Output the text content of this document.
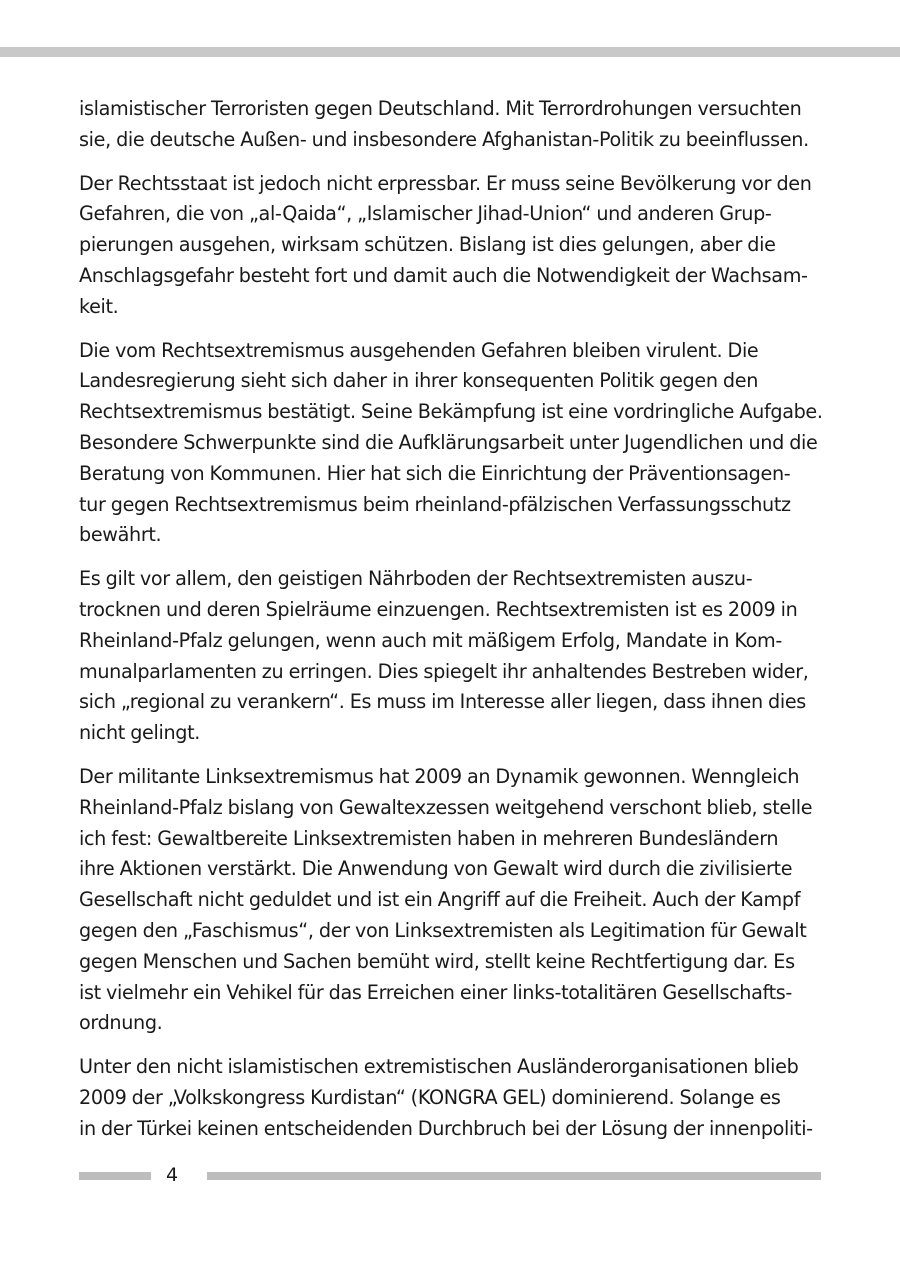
islamistischer Terroristen gegen Deutschland. Mit Terrordrohungen versuchten
sie, die deutsche Außen- und insbesondere Afghanistan-Politik zu beeinflussen.

Der Rechtsstaat ist jedoch nicht erpressbar. Er muss seine Bevölkerung vor den
Gefahren, die von „al-Qaida“, „Islamischer Jihad-Union“ und anderen Grup-
pierungen ausgehen, wirksam schützen. Bislang ist dies gelungen, aber die
Anschlagsgefahr besteht fort und damit auch die Notwendigkeit der Wachsam-
keit.

Die vom Rechtsextremismus ausgehenden Gefahren bleiben virulent. Die
Landesregierung sieht sich daher in ihrer konsequenten Politik gegen den
Rechtsextremismus bestätigt. Seine Bekämpfung ist eine vordringliche Aufgabe.
Besondere Schwerpunkte sind die Aufklärungsarbeit unter Jugendlichen und die
Beratung von Kommunen. Hier hat sich die Einrichtung der Präventionsagen-
tur gegen Rechtsextremismus beim rheinland-pfälzischen Verfassungsschutz
bewährt.

Es gilt vor allem, den geistigen Nährboden der Rechtsextremisten auszu-
trocknen und deren Spielräume einzuengen. Rechtsextremisten ist es 2009 in
Rheinland-Pfalz gelungen, wenn auch mit mäßigem Erfolg, Mandate in Kom-
munalparlamenten zu erringen. Dies spiegelt ihr anhaltendes Bestreben wider,
sich „regional zu verankern“. Es muss im Interesse aller liegen, dass ihnen dies
nicht gelingt.

Der militante Linksextremismus hat 2009 an Dynamik gewonnen. Wenngleich
Rheinland-Pfalz bislang von Gewaltexzessen weitgehend verschont blieb, stelle
ich fest: Gewaltbereite Linksextremisten haben in mehreren Bundesländern
ihre Aktionen verstärkt. Die Anwendung von Gewalt wird durch die zivilisierte
Gesellschaft nicht geduldet und ist ein Angriff auf die Freiheit. Auch der Kampf
gegen den „Faschismus“, der von Linksextremisten als Legitimation für Gewalt
gegen Menschen und Sachen bemüht wird, stellt keine Rechtfertigung dar. Es
ist vielmehr ein Vehikel für das Erreichen einer links-totalitären Gesellschafts-
ordnung.

Unter den nicht islamistischen extremistischen Ausländerorganisationen blieb
2009 der „Volkskongress Kurdistan“ (KONGRA GEL) dominierend. Solange es
in der Türkei keinen entscheidenden Durchbruch bei der Lösung der innenpoliti-

4
